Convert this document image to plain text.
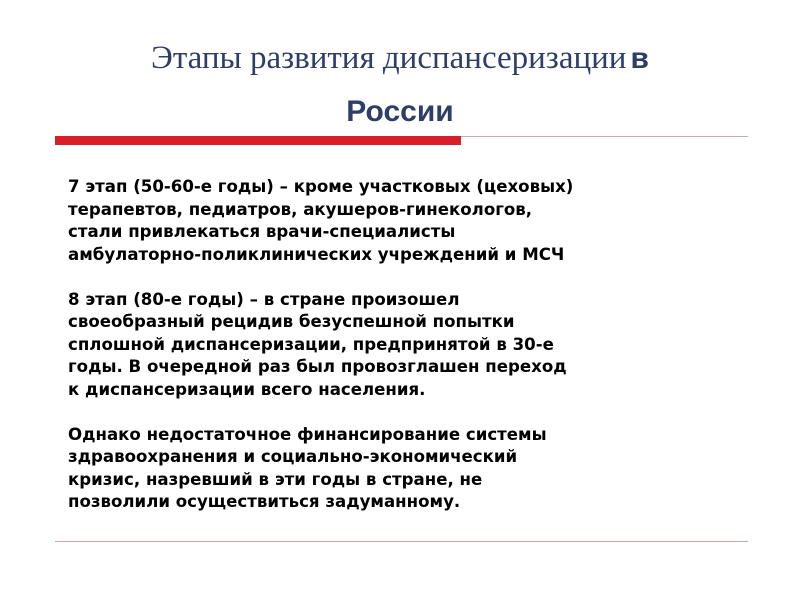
Этапы развития диспансеризации в
России

7 этап (50-60-е годы) – кроме участковых (цеховых)
терапевтов, педиатров, акушеров-гинекологов,
стали привлекаться врачи-специалисты
амбулаторно-поликлинических учреждений и МСЧ

8 этап (80-е годы) – в стране произошел
своеобразный рецидив безуспешной попытки
сплошной диспансеризации, предпринятой в 30-е
годы. В очередной раз был провозглашен переход
к диспансеризации всего населения.

Однако недостаточное финансирование системы
здравоохранения и социально-экономический
кризис, назревший в эти годы в стране, не
позволили осуществиться задуманному.
